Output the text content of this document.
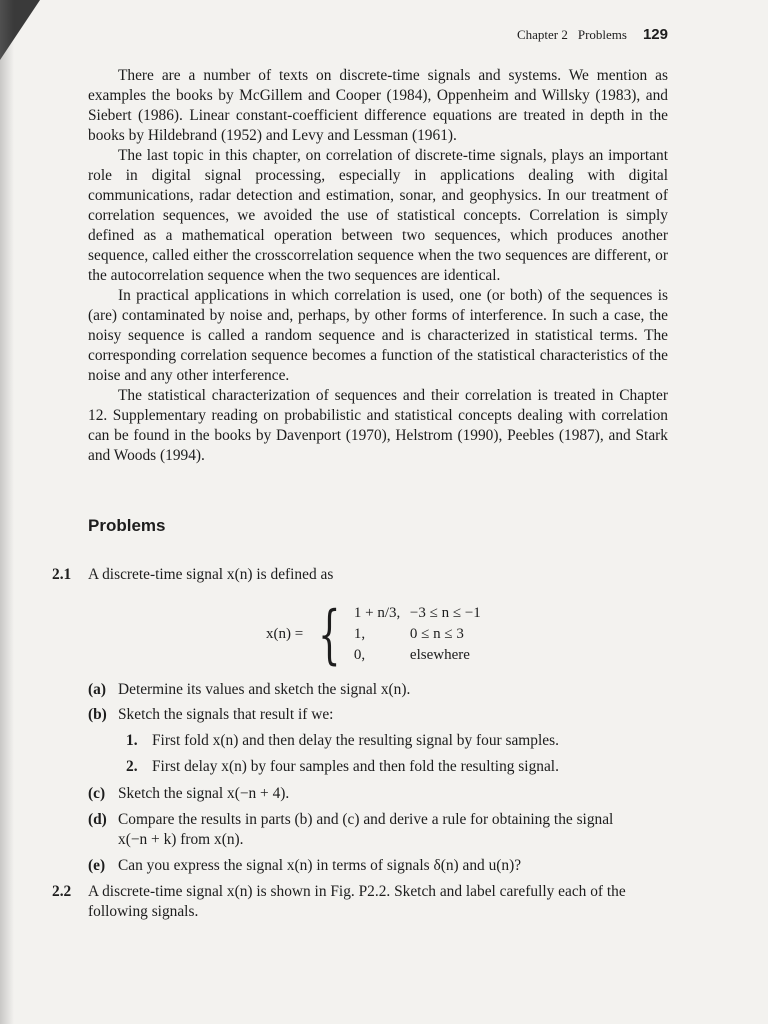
Chapter 2 Problems 129

There are a number of texts on discrete-time signals and systems. We mention as examples the books by McGillem and Cooper (1984), Oppenheim and Willsky (1983), and Siebert (1986). Linear constant-coefficient difference equations are treated in depth in the books by Hildebrand (1952) and Levy and Lessman (1961).

The last topic in this chapter, on correlation of discrete-time signals, plays an important role in digital signal processing, especially in applications dealing with digital communications, radar detection and estimation, sonar, and geophysics. In our treatment of correlation sequences, we avoided the use of statistical concepts. Correlation is simply defined as a mathematical operation between two sequences, which produces another sequence, called either the crosscorrelation sequence when the two sequences are different, or the autocorrelation sequence when the two sequences are identical.

In practical applications in which correlation is used, one (or both) of the sequences is (are) contaminated by noise and, perhaps, by other forms of interference. In such a case, the noisy sequence is called a random sequence and is characterized in statistical terms. The corresponding correlation sequence becomes a function of the statistical characteristics of the noise and any other interference.

The statistical characterization of sequences and their correlation is treated in Chapter 12. Supplementary reading on probabilistic and statistical concepts dealing with correlation can be found in the books by Davenport (1970), Helstrom (1990), Peebles (1987), and Stark and Woods (1994).

Problems
2.1	A discrete-time signal x(n) is defined as
x(n) = { 1 + n/3,	−3 ≤ n ≤ −1
1,	0 ≤ n ≤ 3
0,	elsewhere
(a) Determine its values and sketch the signal x(n).
(b) Sketch the signals that result if we:
1. First fold x(n) and then delay the resulting signal by four samples.
2. First delay x(n) by four samples and then fold the resulting signal.
(c) Sketch the signal x(−n + 4).
(d) Compare the results in parts (b) and (c) and derive a rule for obtaining the signal
x(−n + k) from x(n).
(e) Can you express the signal x(n) in terms of signals δ(n) and u(n)?
2.2	A discrete-time signal x(n) is shown in Fig. P2.2. Sketch and label carefully each of the following signals.
